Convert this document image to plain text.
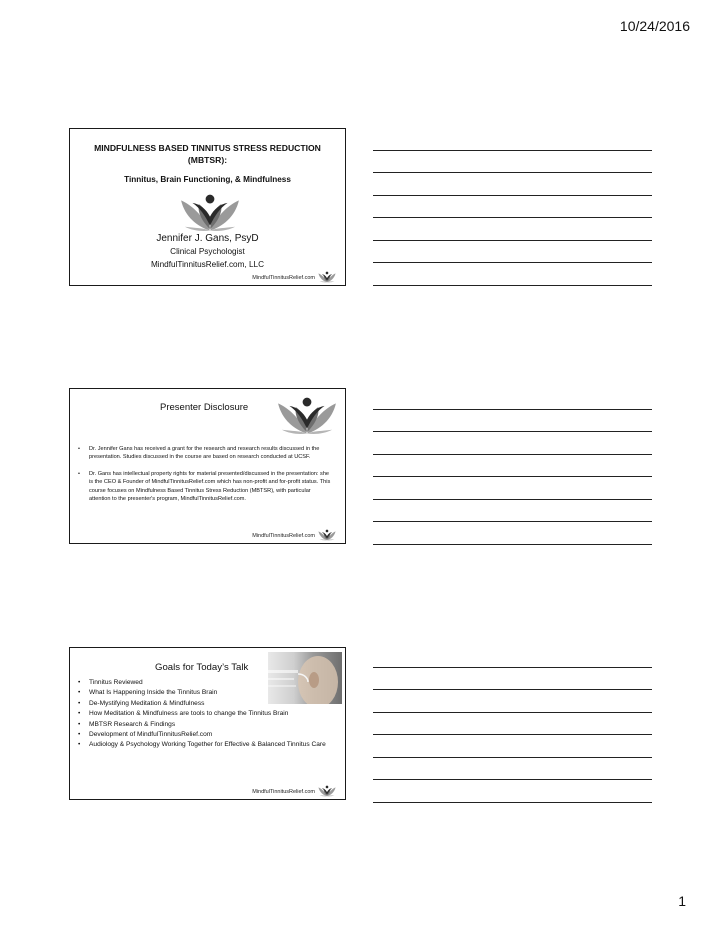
10/24/2016
MINDFULNESS BASED TINNITUS STRESS REDUCTION (MBTSR):
Tinnitus, Brain Functioning, & Mindfulness
Jennifer J. Gans, PsyD
Clinical Psychologist
MindfulTinnitusRelief.com, LLC
MindfulTinnitusRelief.com
Presenter Disclosure
• Dr. Jennifer Gans has received a grant for the research and research results discussed in the presentation. Studies discussed in the course are based on research conducted at UCSF.
• Dr. Gans has intellectual property rights for material presented/discussed in the presentation: she is the CEO & Founder of MindfulTinnitusRelief.com which has non-profit and for-profit status. This course focuses on Mindfulness Based Tinnitus Stress Reduction (MBTSR), with particular attention to the presenter's program, MindfulTinnitusRelief.com.
MindfulTinnitusRelief.com
Goals for Today’s Talk
• Tinnitus Reviewed
• What Is Happening Inside the Tinnitus Brain
• De-Mystifying Meditation & Mindfulness
• How Meditation & Mindfulness are tools to change the Tinnitus Brain
• MBTSR Research & Findings
• Development of MindfulTinnitusRelief.com
• Audiology & Psychology Working Together for Effective & Balanced Tinnitus Care
MindfulTinnitusRelief.com
1
